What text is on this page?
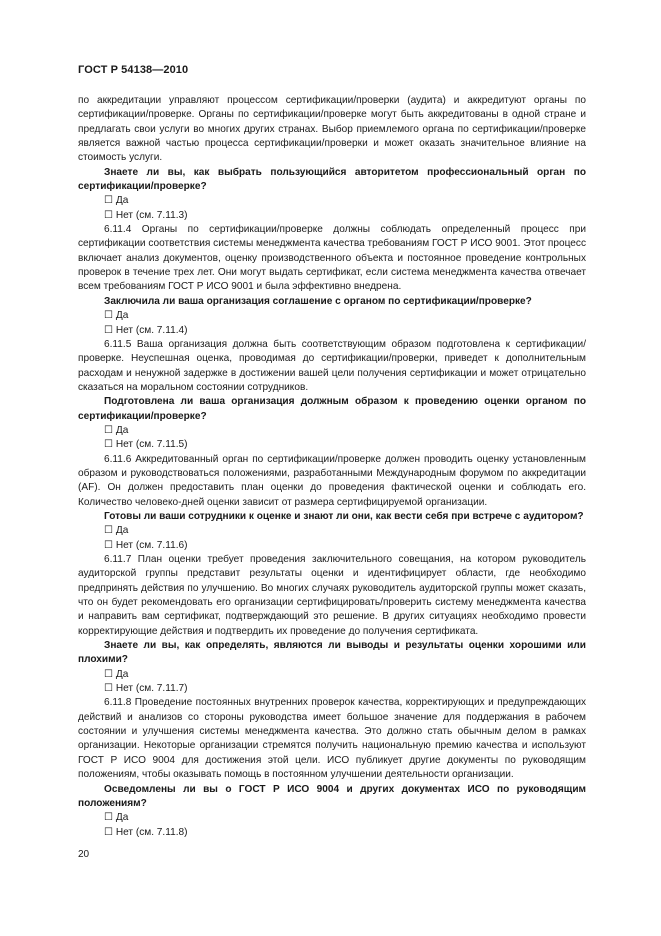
ГОСТ Р 54138—2010

по аккредитации управляют процессом сертификации/проверки (аудита) и аккредитуют органы по сертификации/проверке. Органы по сертификации/проверке могут быть аккредитованы в одной стране и предлагать свои услуги во многих других странах. Выбор приемлемого органа по сертификации/проверке является важной частью процесса сертификации/проверки и может оказать значительное влияние на стоимость услуги.

Знаете ли вы, как выбрать пользующийся авторитетом профессиональный орган по сертификации/проверке?

☐ Да

☐ Нет (см. 7.11.3)

6.11.4 Органы по сертификации/проверке должны соблюдать определенный процесс при сертификации соответствия системы менеджмента качества требованиям ГОСТ Р ИСО 9001. Этот процесс включает анализ документов, оценку производственного объекта и постоянное проведение контрольных проверок в течение трех лет. Они могут выдать сертификат, если система менеджмента качества отвечает всем требованиям ГОСТ Р ИСО 9001 и была эффективно внедрена.

Заключила ли ваша организация соглашение с органом по сертификации/проверке?

☐ Да

☐ Нет (см. 7.11.4)

6.11.5 Ваша организация должна быть соответствующим образом подготовлена к сертификации/проверке. Неуспешная оценка, проводимая до сертификации/проверки, приведет к дополнительным расходам и ненужной задержке в достижении вашей цели получения сертификации и может отрицательно сказаться на моральном состоянии сотрудников.

Подготовлена ли ваша организация должным образом к проведению оценки органом по сертификации/проверке?

☐ Да

☐ Нет (см. 7.11.5)

6.11.6 Аккредитованный орган по сертификации/проверке должен проводить оценку установленным образом и руководствоваться положениями, разработанными Международным форумом по аккредитации (AF). Он должен предоставить план оценки до проведения фактической оценки и соблюдать его. Количество человеко-дней оценки зависит от размера сертифицируемой организации.

Готовы ли ваши сотрудники к оценке и знают ли они, как вести себя при встрече с аудитором?

☐ Да

☐ Нет (см. 7.11.6)

6.11.7 План оценки требует проведения заключительного совещания, на котором руководитель аудиторской группы представит результаты оценки и идентифицирует области, где необходимо предпринять действия по улучшению. Во многих случаях руководитель аудиторской группы может сказать, что он будет рекомендовать его организации сертифицировать/проверить систему менеджмента качества и направить вам сертификат, подтверждающий это решение. В других ситуациях необходимо провести корректирующие действия и подтвердить их проведение до получения сертификата.

Знаете ли вы, как определять, являются ли выводы и результаты оценки хорошими или плохими?

☐ Да

☐ Нет (см. 7.11.7)

6.11.8 Проведение постоянных внутренних проверок качества, корректирующих и предупреждающих действий и анализов со стороны руководства имеет большое значение для поддержания в рабочем состоянии и улучшения системы менеджмента качества. Это должно стать обычным делом в рамках организации. Некоторые организации стремятся получить национальную премию качества и используют ГОСТ Р ИСО 9004 для достижения этой цели. ИСО публикует другие документы по руководящим положениям, чтобы оказывать помощь в постоянном улучшении деятельности организации.

Осведомлены ли вы о ГОСТ Р ИСО 9004 и других документах ИСО по руководящим положениям?

☐ Да

☐ Нет (см. 7.11.8)

20
